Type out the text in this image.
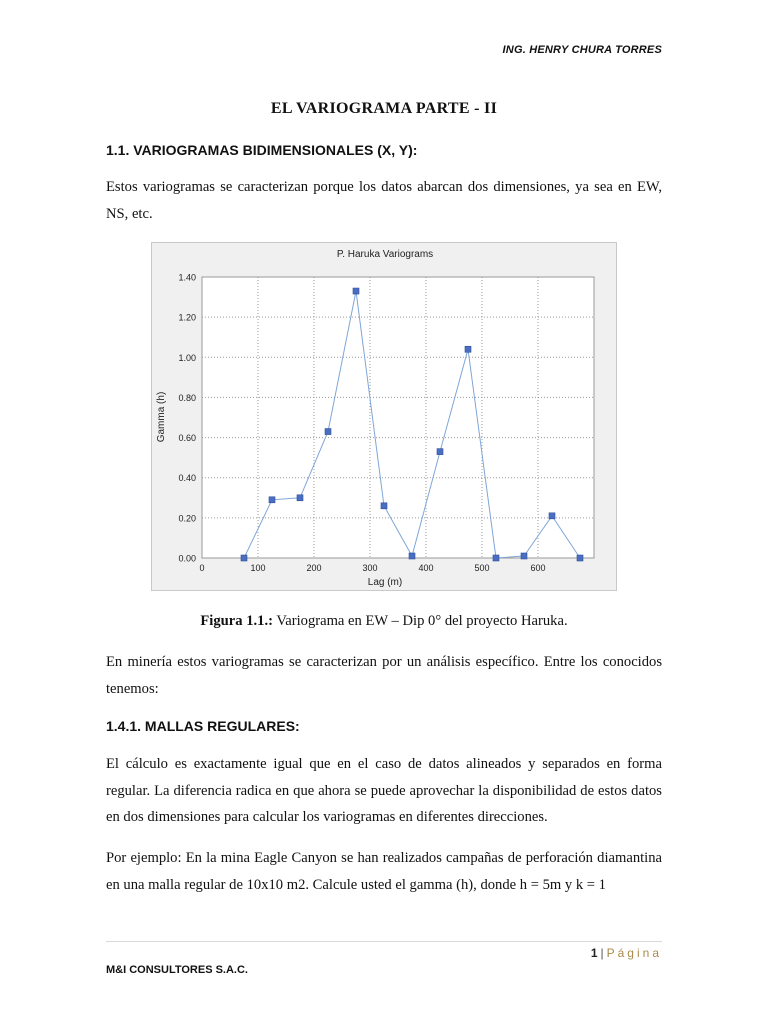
ING. HENRY CHURA TORRES
EL VARIOGRAMA PARTE - II
1.1. VARIOGRAMAS BIDIMENSIONALES (X, Y):

Estos variogramas se caracterizan porque los datos abarcan dos dimensiones, ya sea en EW, NS, etc.

P. Haruka Variograms
0.00
0.20
0.40
0.60
0.80
1.00
1.20
1.40
0	100	200	300	400	500	600
Lag (m)
Gamma (h)
Figura 1.1.: Variograma en EW – Dip 0° del proyecto Haruka.

En minería estos variogramas se caracterizan por un análisis específico. Entre los conocidos tenemos:

1.4.1. MALLAS REGULARES:

El cálculo es exactamente igual que en el caso de datos alineados y separados en forma regular. La diferencia radica en que ahora se puede aprovechar la disponibilidad de estos datos en dos dimensiones para calcular los variogramas en diferentes direcciones.

Por ejemplo: En la mina Eagle Canyon se han realizados campañas de perforación diamantina en una malla regular de 10x10 m2. Calcule usted el gamma (h), donde h = 5m y k = 1

1 | Página
M&I CONSULTORES S.A.C.
